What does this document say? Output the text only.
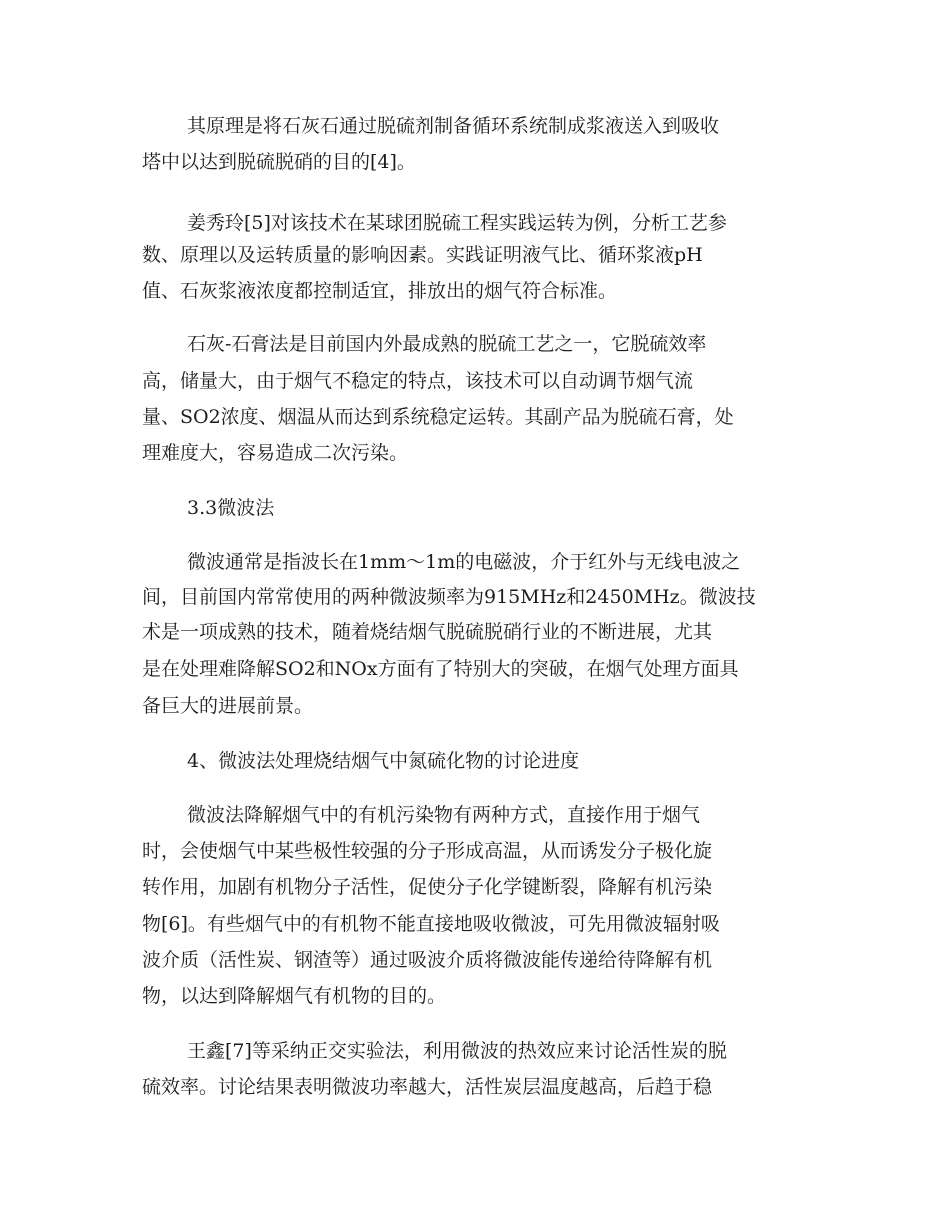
其原理是将石灰石通过脱硫剂制备循环系统制成浆液送入到吸收
塔中以达到脱硫脱硝的目的[4]。
姜秀玲[5]对该技术在某球团脱硫工程实践运转为例，分析工艺参
数、原理以及运转质量的影响因素。实践证明液气比、循环浆液pH
值、石灰浆液浓度都控制适宜，排放出的烟气符合标准。
石灰-石膏法是目前国内外最成熟的脱硫工艺之一，它脱硫效率
高，储量大，由于烟气不稳定的特点，该技术可以自动调节烟气流
量、SO2浓度、烟温从而达到系统稳定运转。其副产品为脱硫石膏，处
理难度大，容易造成二次污染。
3.3微波法
微波通常是指波长在1mm～1m的电磁波，介于红外与无线电波之
间，目前国内常常使用的两种微波频率为915MHz和2450MHz。微波技
术是一项成熟的技术，随着烧结烟气脱硫脱硝行业的不断进展，尤其
是在处理难降解SO2和NOx方面有了特别大的突破，在烟气处理方面具
备巨大的进展前景。
4、微波法处理烧结烟气中氮硫化物的讨论进度
微波法降解烟气中的有机污染物有两种方式，直接作用于烟气
时，会使烟气中某些极性较强的分子形成高温，从而诱发分子极化旋
转作用，加剧有机物分子活性，促使分子化学键断裂，降解有机污染
物[6]。有些烟气中的有机物不能直接地吸收微波，可先用微波辐射吸
波介质（活性炭、钢渣等）通过吸波介质将微波能传递给待降解有机
物，以达到降解烟气有机物的目的。
王鑫[7]等采纳正交实验法，利用微波的热效应来讨论活性炭的脱
硫效率。讨论结果表明微波功率越大，活性炭层温度越高，后趋于稳
